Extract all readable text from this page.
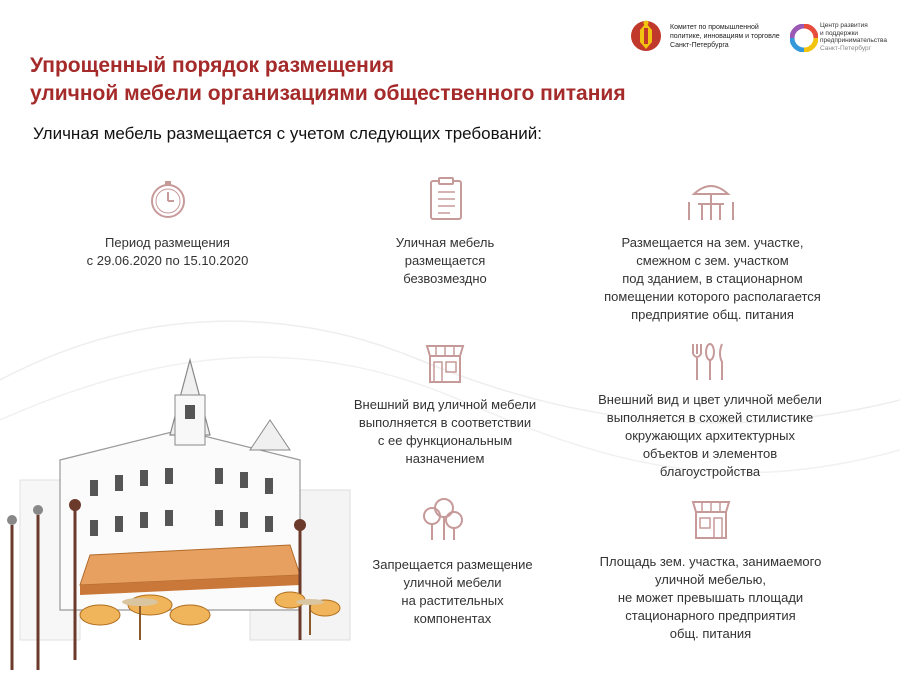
Упрощенный порядок размещения
уличной мебели организациями общественного питания
Уличная мебель размещается с учетом следующих требований:
Комитет по промышленной
политике, инновациям и торговле
Санкт-Петербурга
Центр развития
и поддержки
предпринимательства
Санкт-Петербург
Период размещения
с 29.06.2020 по 15.10.2020
Уличная мебель
размещается
безвозмездно
Размещается на зем. участке,
смежном с зем. участком
под зданием, в стационарном
помещении которого располагается
предприятие общ. питания
Внешний вид уличной мебели
выполняется в соответствии
с ее функциональным
назначением
Внешний вид и цвет уличной мебели
выполняется в схожей стилистике
окружающих архитектурных
объектов и элементов
благоустройства
Запрещается размещение
уличной мебели
на растительных
компонентах
Площадь зем. участка, занимаемого
уличной мебелью,
не может превышать площади
стационарного предприятия
общ. питания
